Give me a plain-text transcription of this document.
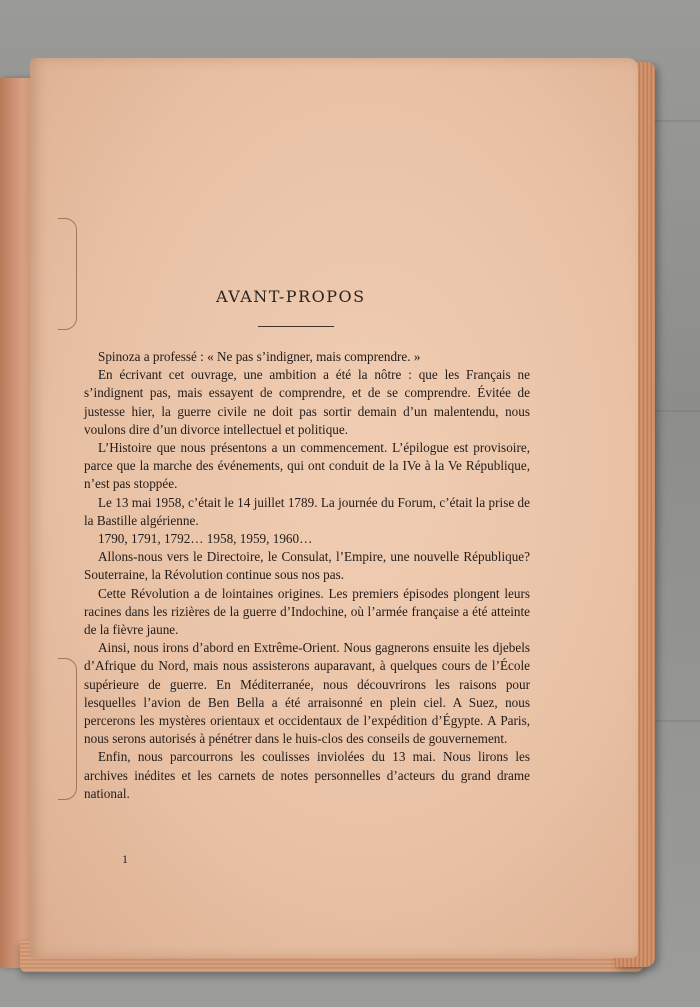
AVANT-PROPOS

Spinoza a professé : « Ne pas s’indigner, mais comprendre. »

En écrivant cet ouvrage, une ambition a été la nôtre : que les Français ne s’indignent pas, mais essayent de comprendre, et de se comprendre. Évitée de justesse hier, la guerre civile ne doit pas sortir demain d’un malentendu, nous voulons dire d’un divorce intellectuel et politique.

L’Histoire que nous présentons a un commencement. L’épilogue est provisoire, parce que la marche des événements, qui ont conduit de la IVe à la Ve République, n’est pas stoppée.

Le 13 mai 1958, c’était le 14 juillet 1789. La journée du Forum, c’était la prise de la Bastille algérienne.

1790, 1791, 1792… 1958, 1959, 1960…

Allons-nous vers le Directoire, le Consulat, l’Empire, une nouvelle République? Souterraine, la Révolution continue sous nos pas.

Cette Révolution a de lointaines origines. Les premiers épisodes plongent leurs racines dans les rizières de la guerre d’Indochine, où l’armée française a été atteinte de la fièvre jaune.

Ainsi, nous irons d’abord en Extrême-Orient. Nous gagnerons ensuite les djebels d’Afrique du Nord, mais nous assisterons auparavant, à quelques cours de l’École supérieure de guerre. En Méditerranée, nous découvrirons les raisons pour lesquelles l’avion de Ben Bella a été arraisonné en plein ciel. A Suez, nous percerons les mystères orientaux et occidentaux de l’expédition d’Égypte. A Paris, nous serons autorisés à pénétrer dans le huis-clos des conseils de gouvernement.

Enfin, nous parcourrons les coulisses inviolées du 13 mai. Nous lirons les archives inédites et les carnets de notes personnelles d’acteurs du grand drame national.

1
